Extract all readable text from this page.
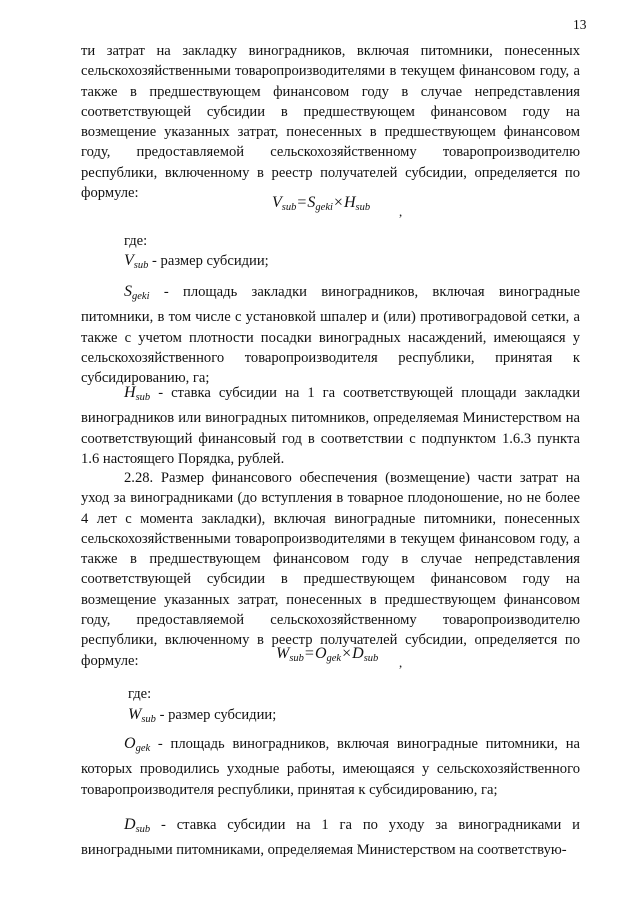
13

ти затрат на закладку виноградников, включая питомники, понесенных сельскохозяйственными товаропроизводителями в текущем финансовом году, а также в предшествующем финансовом году в случае непредставления соответствующей субсидии в предшествующем финансовом году на возмещение указанных затрат, понесенных в предшествующем финансовом году, предоставляемой сельскохозяйственному товаропроизводителю республики, включенному в реестр получателей субсидии, определяется по формуле:

$V_{sub}=S_{geki}\times H_{sub}$ ,
где:
$V_{sub}$ - размер субсидии;

$S_{geki}$ - площадь закладки виноградников, включая виноградные питомники, в том числе с установкой шпалер и (или) противоградовой сетки, а также с учетом плотности посадки виноградных насаждений, имеющаяся у сельскохозяйственного товаропроизводителя республики, принятая к субсидированию, га;

$H_{sub}$ - ставка субсидии на 1 га соответствующей площади закладки виноградников или виноградных питомников, определяемая Министерством на соответствующий финансовый год в соответствии с подпунктом 1.6.3 пункта 1.6 настоящего Порядка, рублей.

2.28. Размер финансового обеспечения (возмещение) части затрат на уход за виноградниками (до вступления в товарное плодоношение, но не более 4 лет с момента закладки), включая виноградные питомники, понесенных сельскохозяйственными товаропроизводителями в текущем финансовом году, а также в предшествующем финансовом году в случае непредставления соответствующей субсидии в предшествующем финансовом году на возмещение указанных затрат, понесенных в предшествующем финансовом году, предоставляемой сельскохозяйственному товаропроизводителю республики, включенному в реестр получателей субсидии, определяется по формуле:	$W_{sub}=O_{gek}\times D_{sub}$ ,
где:
$W_{sub}$ - размер субсидии;

$O_{gek}$ - площадь виноградников, включая виноградные питомники, на которых проводились уходные работы, имеющаяся у сельскохозяйственного товаропроизводителя республики, принятая к субсидированию, га;

$D_{sub}$ - ставка субсидии на 1 га по уходу за виноградниками и виноградными питомниками, определяемая Министерством на соответствую-
